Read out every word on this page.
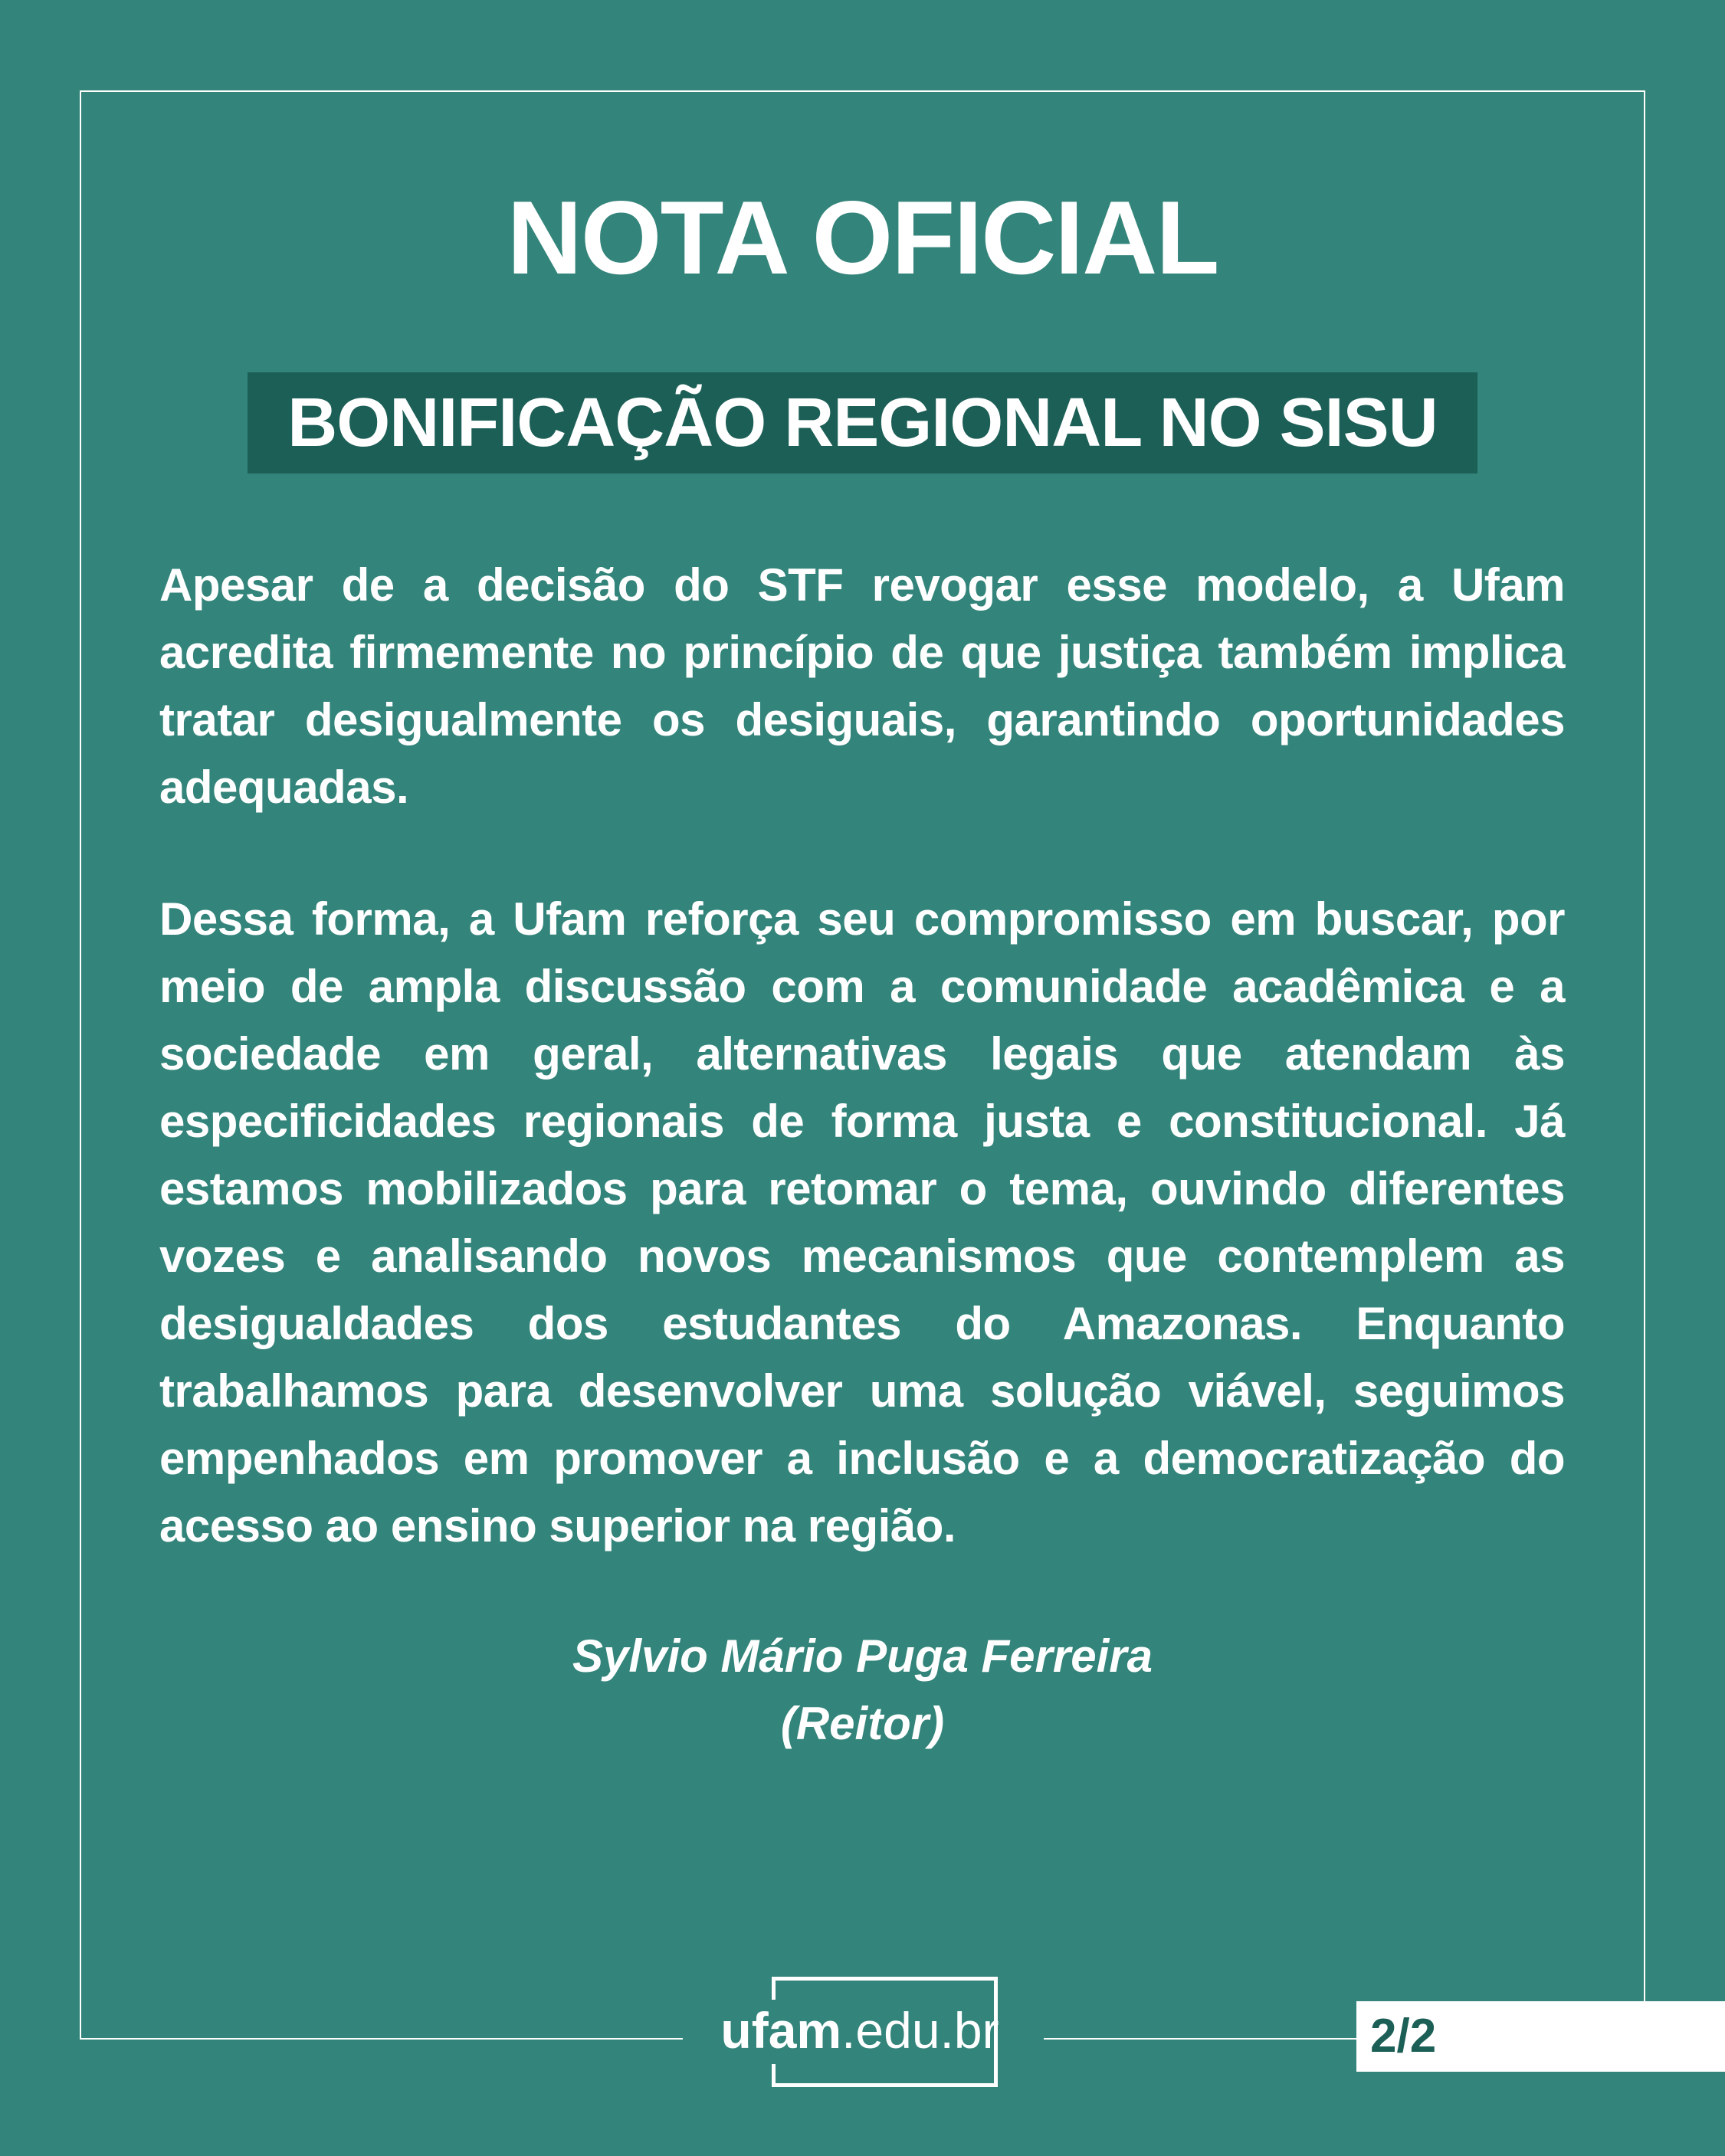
NOTA OFICIAL
BONIFICAÇÃO REGIONAL NO SISU

Apesar de a decisão do STF revogar esse modelo, a Ufam acredita firmemente no princípio de que justiça também implica tratar desigualmente os desiguais, garantindo oportunidades adequadas.

Dessa forma, a Ufam reforça seu compromisso em buscar, por meio de ampla discussão com a comunidade acadêmica e a sociedade em geral, alternativas legais que atendam às especificidades regionais de forma justa e constitucional. Já estamos mobilizados para retomar o tema, ouvindo diferentes vozes e analisando novos mecanismos que contemplem as desigualdades dos estudantes do Amazonas. Enquanto trabalhamos para desenvolver uma solução viável, seguimos empenhados em promover a inclusão e a democratização do acesso ao ensino superior na região.

Sylvio Mário Puga Ferreira
(Reitor)
ufam.edu.br	2/2
